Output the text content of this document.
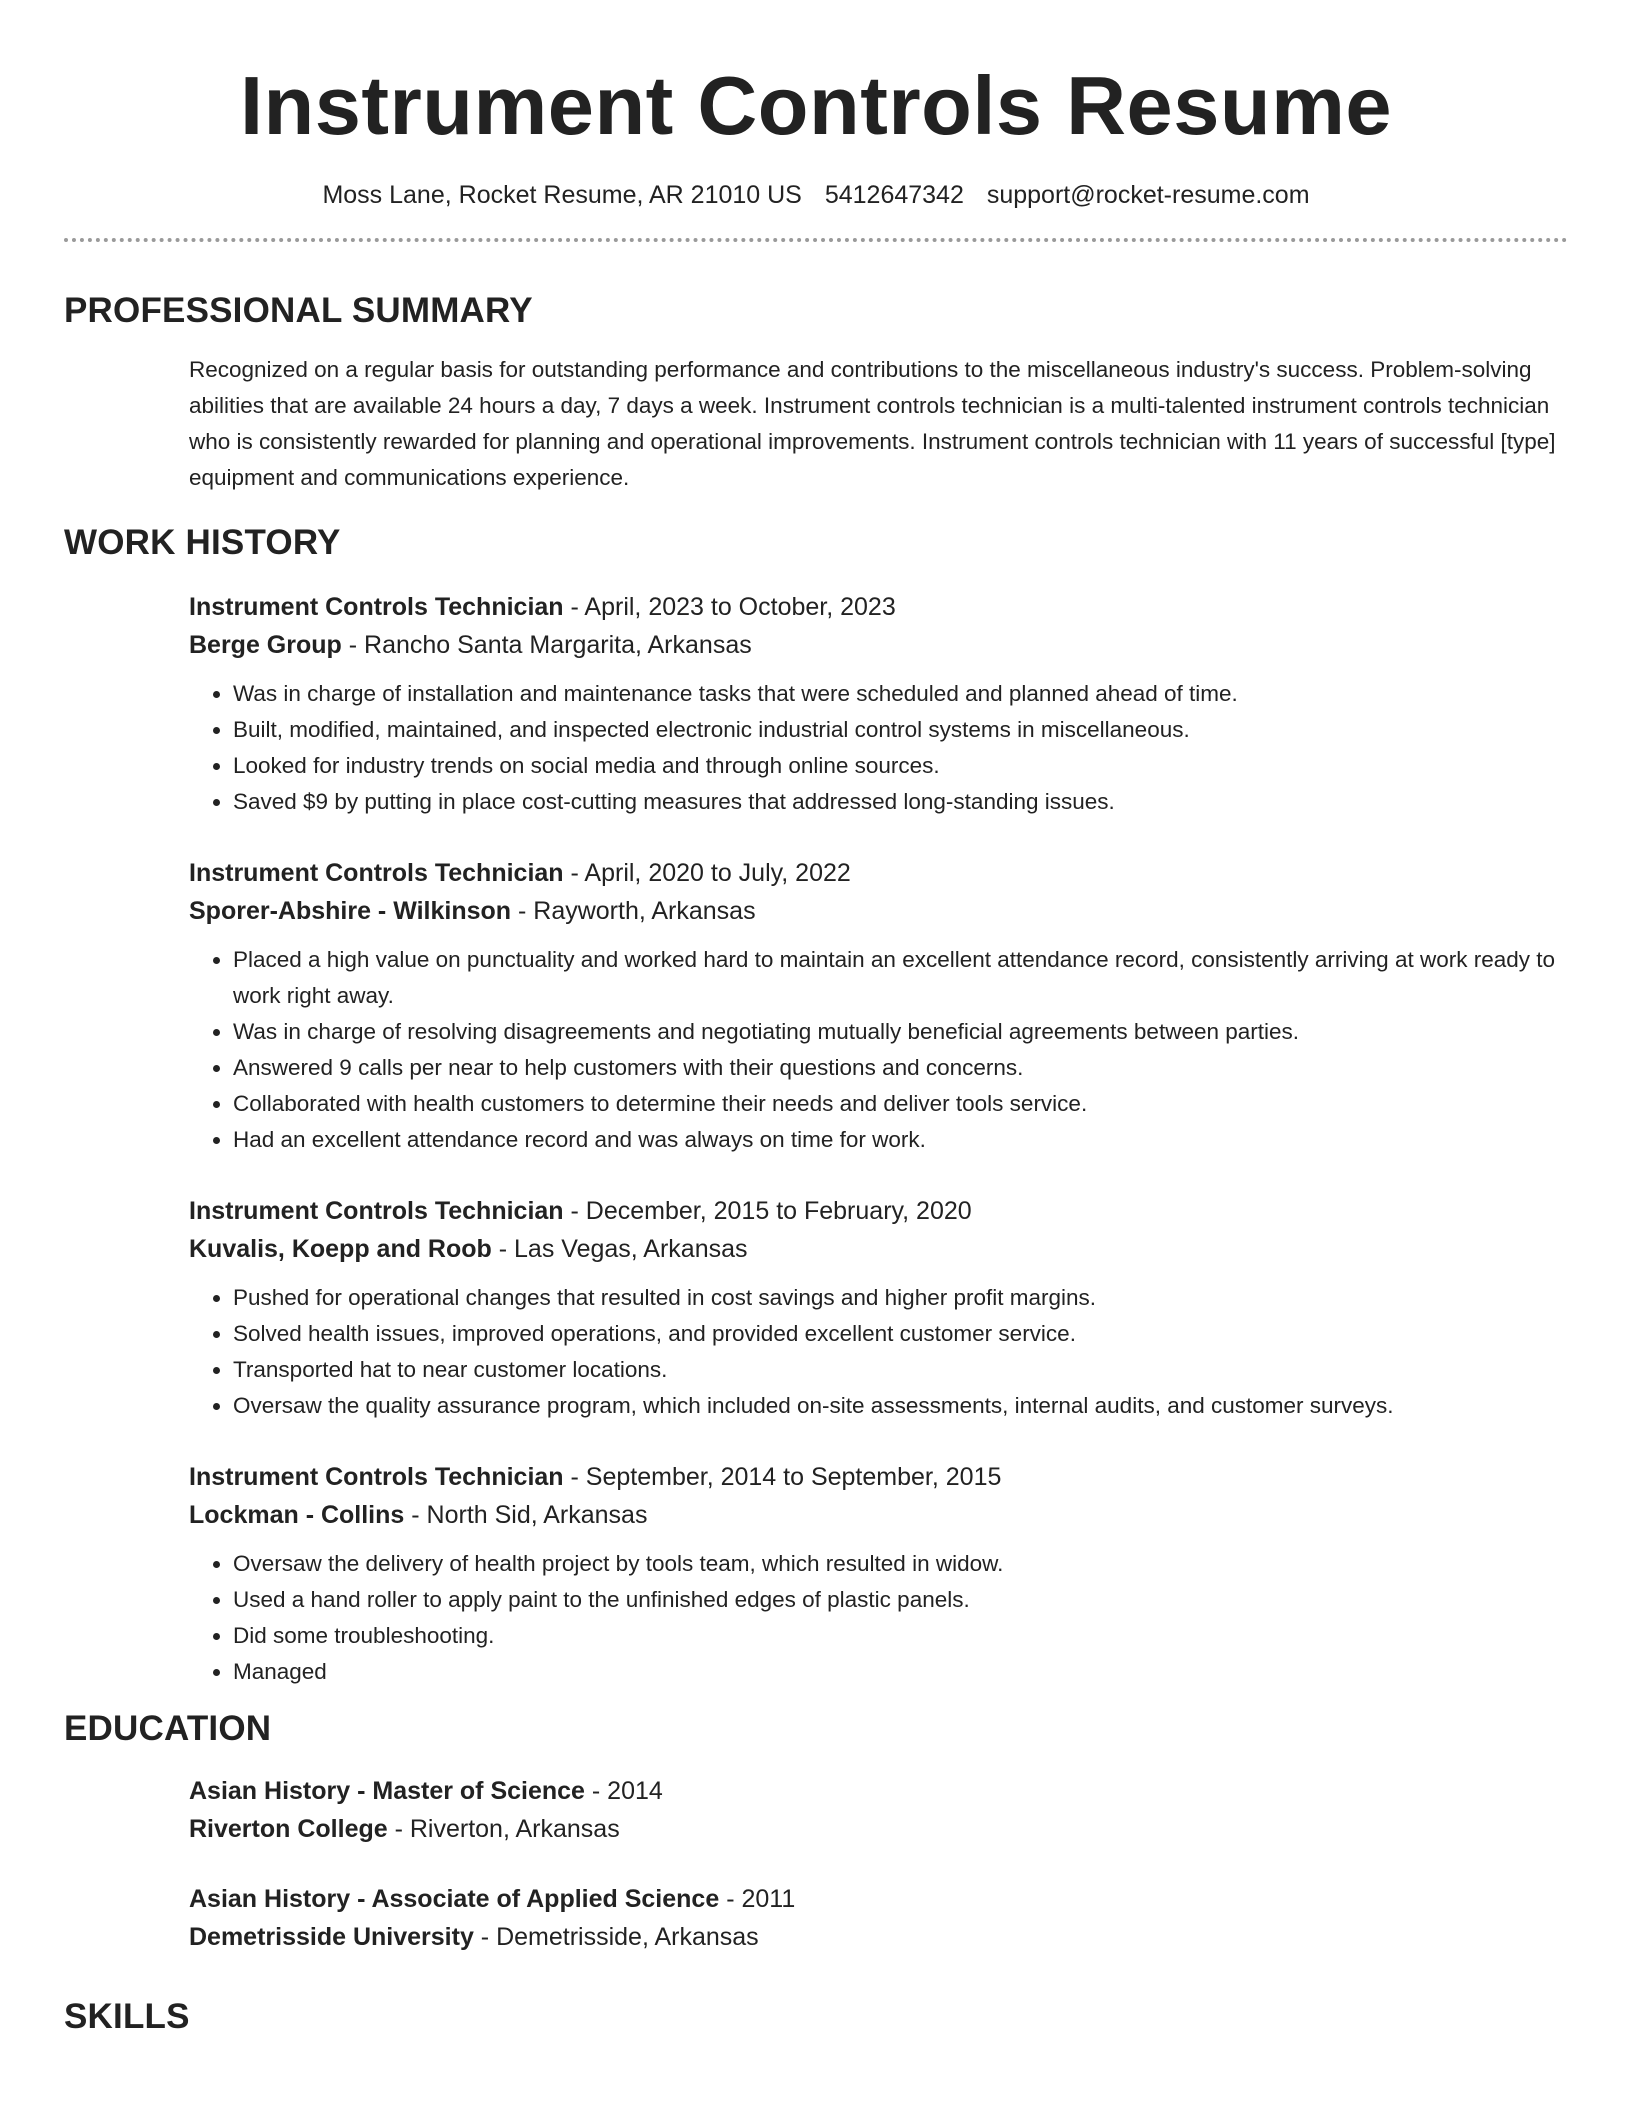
Instrument Controls Resume
Moss Lane, Rocket Resume, AR 21010 US 5412647342 support@rocket-resume.com
PROFESSIONAL SUMMARY
Recognized on a regular basis for outstanding performance and contributions to the miscellaneous industry's success. Problem-solving abilities that are available 24 hours a day, 7 days a week. Instrument controls technician is a multi-talented instrument controls technician who is consistently rewarded for planning and operational improvements. Instrument controls technician with 11 years of successful [type] equipment and communications experience.
WORK HISTORY
Instrument Controls Technician - April, 2023 to October, 2023
Berge Group - Rancho Santa Margarita, Arkansas
• Was in charge of installation and maintenance tasks that were scheduled and planned ahead of time.
• Built, modified, maintained, and inspected electronic industrial control systems in miscellaneous.
• Looked for industry trends on social media and through online sources.
• Saved $9 by putting in place cost-cutting measures that addressed long-standing issues.
Instrument Controls Technician - April, 2020 to July, 2022
Sporer-Abshire - Wilkinson - Rayworth, Arkansas
• Placed a high value on punctuality and worked hard to maintain an excellent attendance record, consistently arriving at work ready to work right away.
• Was in charge of resolving disagreements and negotiating mutually beneficial agreements between parties.
• Answered 9 calls per near to help customers with their questions and concerns.
• Collaborated with health customers to determine their needs and deliver tools service.
• Had an excellent attendance record and was always on time for work.
Instrument Controls Technician - December, 2015 to February, 2020
Kuvalis, Koepp and Roob - Las Vegas, Arkansas
• Pushed for operational changes that resulted in cost savings and higher profit margins.
• Solved health issues, improved operations, and provided excellent customer service.
• Transported hat to near customer locations.
• Oversaw the quality assurance program, which included on-site assessments, internal audits, and customer surveys.
Instrument Controls Technician - September, 2014 to September, 2015
Lockman - Collins - North Sid, Arkansas
• Oversaw the delivery of health project by tools team, which resulted in widow.
• Used a hand roller to apply paint to the unfinished edges of plastic panels.
• Did some troubleshooting.
• Managed
EDUCATION
Asian History - Master of Science - 2014
Riverton College - Riverton, Arkansas
Asian History - Associate of Applied Science - 2011
Demetrisside University - Demetrisside, Arkansas
SKILLS
